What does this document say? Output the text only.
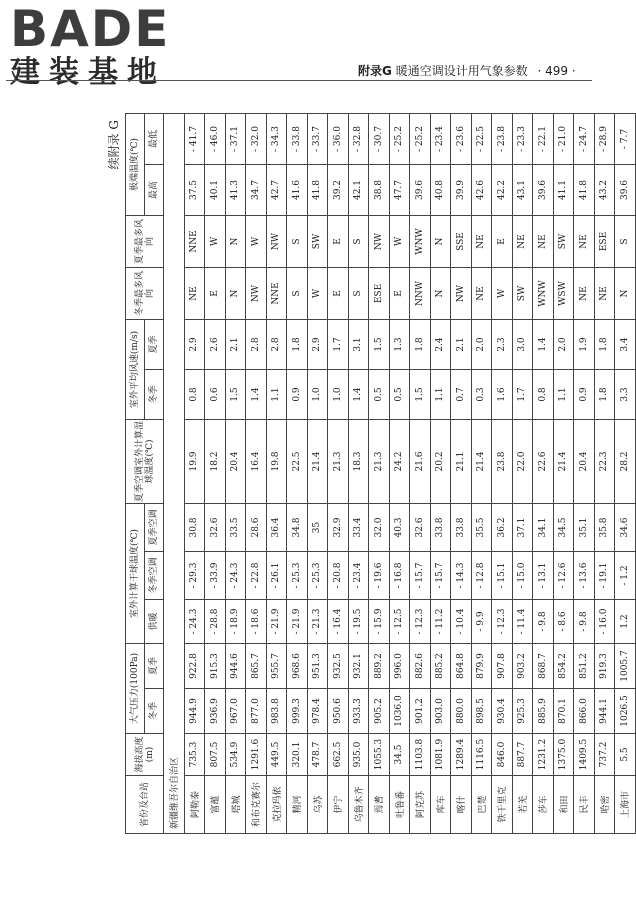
BADE
建装基地	附录G 暖通空调设计用气象参数 · 499 ·
续附录 G
省份及台站	海拔高度
(m)	大气压力(100Pa)		室外计算干球温度(℃)			夏季空调室外计算湿球温度(℃)	室外平均风速(m/s)		冬季最多风向	夏季最多风向	极端温度(℃)	
		冬季	夏季	供暖	冬季空调	夏季空调		冬季	夏季			最高	最低
新疆维吾尔自治区													
阿勒泰	735.3	944.9	922.8	- 24.3	- 29.3	30.8	19.9	0.8	2.9	NE	NNE	37.5	- 41.7
富蕴	807.5	936.9	915.3	- 28.8	- 33.9	32.6	18.2	0.6	2.6	E	W	40.1	- 46.0
塔城	534.9	967.0	944.6	- 18.9	- 24.3	33.5	20.4	1.5	2.1	N	N	41.3	- 37.1
和布克赛尔	1291.6	877.0	865.7	- 18.6	- 22.8	28.6	16.4	1.4	2.8	NW	W	34.7	- 32.0
克拉玛依	449.5	983.8	955.7	- 21.9	- 26.1	36.4	19.8	1.1	2.8	NNE	NW	42.7	- 34.3
精河	320.1	999.3	968.6	- 21.9	- 25.3	34.8	22.5	0.9	1.8	S	S	41.6	- 33.8
乌苏	478.7	978.4	951.3	- 21.3	- 25.3	35	21.4	1.0	2.9	W	SW	41.8	- 33.7
伊宁	662.5	950.6	932.5	- 16.4	- 20.8	32.9	21.3	1.0	1.7	E	E	39.2	- 36.0
乌鲁木齐	935.0	933.3	932.1	- 19.5	- 23.4	33.4	18.3	1.4	3.1	S	S	42.1	- 32.8
焉耆	1055.3	905.2	889.2	- 15.9	- 19.6	32.0	21.3	0.5	1.5	ESE	NW	38.8	- 30.7
吐鲁番	34.5	1036.0	996.0	- 12.5	- 16.8	40.3	24.2	0.5	1.3	E	W	47.7	- 25.2
阿克苏	1103.8	901.2	882.6	- 12.3	- 15.7	32.6	21.6	1.5	1.8	NNW	WNW	39.6	- 25.2
库车	1081.9	903.0	885.2	- 11.2	- 15.7	33.8	20.2	1.1	2.4	N	N	40.8	- 23.4
喀什	1289.4	880.0	864.8	- 10.4	- 14.3	33.8	21.1	0.7	2.1	NW	SSE	39.9	- 23.6
巴楚	1116.5	898.5	879.9	- 9.9	- 12.8	35.5	21.4	0.3	2.0	NE	NE	42.6	- 22.5
铁干里克	846.0	930.4	907.8	- 12.3	- 15.1	36.2	23.8	1.6	2.3	W	E	42.2	- 23.8
若羌	887.7	925.3	903.2	- 11.4	- 15.0	37.1	22.0	1.7	3.0	SW	NE	43.1	- 23.3
莎车	1231.2	885.9	868.7	- 9.8	- 13.1	34.1	22.6	0.8	1.4	WNW	NE	39.6	- 22.1
和田	1375.0	870.1	854.2	- 8.6	- 12.6	34.5	21.4	1.1	2.0	WSW	SW	41.1	- 21.0
民丰	1409.5	866.0	851.2	- 9.8	- 13.6	35.1	20.4	0.9	1.9	NE	NE	41.8	- 24.7
哈密	737.2	944.1	919.3	- 16.0	- 19.1	35.8	22.3	1.8	1.8	NE	ESE	43.2	- 28.9
上海市	5.5	1026.5	1005.7	1.2	- 1.2	34.6	28.2	3.3	3.4	N	S	39.6	- 7.7
